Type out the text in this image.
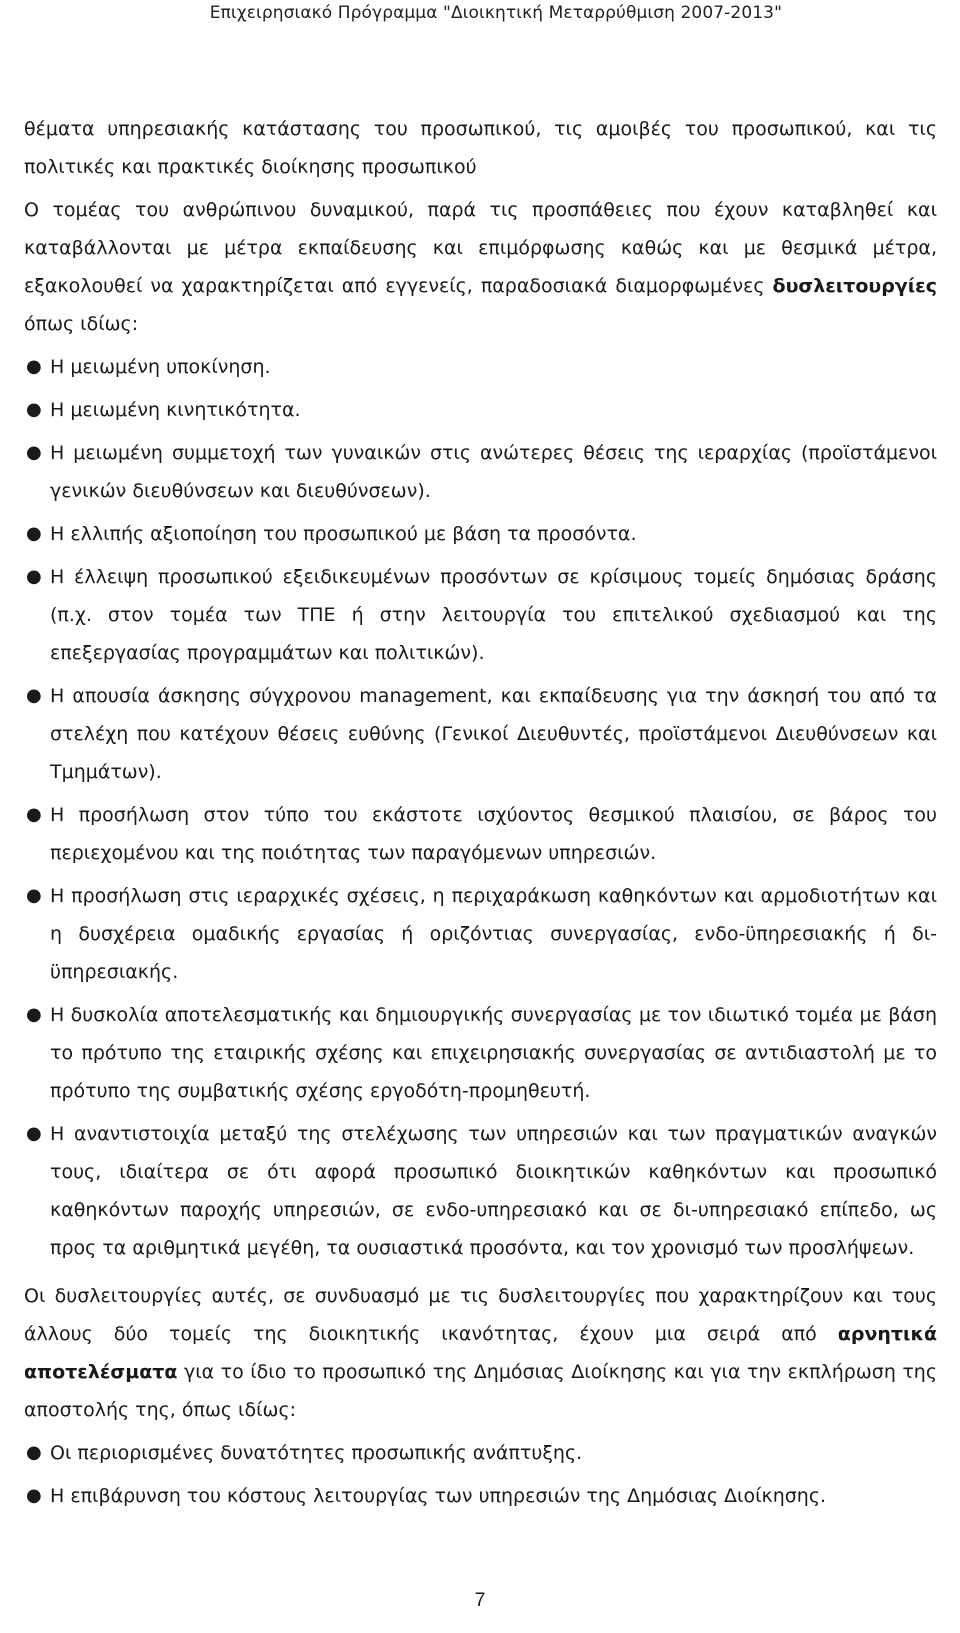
Επιχειρησιακό Πρόγραμμα "Διοικητική Μεταρρύθμιση 2007-2013"

θέματα υπηρεσιακής κατάστασης του προσωπικού, τις αμοιβές του προσωπικού, και τις πολιτικές και πρακτικές διοίκησης προσωπικού

Ο τομέας του ανθρώπινου δυναμικού, παρά τις προσπάθειες που έχουν καταβληθεί και καταβάλλονται με μέτρα εκπαίδευσης και επιμόρφωσης καθώς και με θεσμικά μέτρα, εξακολουθεί να χαρακτηρίζεται από εγγενείς, παραδοσιακά διαμορφωμένες δυσλειτουργίες όπως ιδίως:

● Η μειωμένη υποκίνηση.
● Η μειωμένη κινητικότητα.
● Η μειωμένη συμμετοχή των γυναικών στις ανώτερες θέσεις της ιεραρχίας (προϊστάμενοι γενικών διευθύνσεων και διευθύνσεων).
● Η ελλιπής αξιοποίηση του προσωπικού με βάση τα προσόντα.
● Η έλλειψη προσωπικού εξειδικευμένων προσόντων σε κρίσιμους τομείς δημόσιας δράσης (π.χ. στον τομέα των ΤΠΕ ή στην λειτουργία του επιτελικού σχεδιασμού και της επεξεργασίας προγραμμάτων και πολιτικών).
● Η απουσία άσκησης σύγχρονου management, και εκπαίδευσης για την άσκησή του από τα στελέχη που κατέχουν θέσεις ευθύνης (Γενικοί Διευθυντές, προϊστάμενοι Διευθύνσεων και Τμημάτων).
● Η προσήλωση στον τύπο του εκάστοτε ισχύοντος θεσμικού πλαισίου, σε βάρος του περιεχομένου και της ποιότητας των παραγόμενων υπηρεσιών.
● Η προσήλωση στις ιεραρχικές σχέσεις, η περιχαράκωση καθηκόντων και αρμοδιοτήτων και η δυσχέρεια ομαδικής εργασίας ή οριζόντιας συνεργασίας, ενδο-ϋπηρεσιακής ή δι-ϋπηρεσιακής.
● Η δυσκολία αποτελεσματικής και δημιουργικής συνεργασίας με τον ιδιωτικό τομέα με βάση το πρότυπο της εταιρικής σχέσης και επιχειρησιακής συνεργασίας σε αντιδιαστολή με το πρότυπο της συμβατικής σχέσης εργοδότη-προμηθευτή.
● Η αναντιστοιχία μεταξύ της στελέχωσης των υπηρεσιών και των πραγματικών αναγκών τους, ιδιαίτερα σε ότι αφορά προσωπικό διοικητικών καθηκόντων και προσωπικό καθηκόντων παροχής υπηρεσιών, σε ενδο-υπηρεσιακό και σε δι-υπηρεσιακό επίπεδο, ως προς τα αριθμητικά μεγέθη, τα ουσιαστικά προσόντα, και τον χρονισμό των προσλήψεων.

Οι δυσλειτουργίες αυτές, σε συνδυασμό με τις δυσλειτουργίες που χαρακτηρίζουν και τους άλλους δύο τομείς της διοικητικής ικανότητας, έχουν μια σειρά από αρνητικά αποτελέσματα για το ίδιο το προσωπικό της Δημόσιας Διοίκησης και για την εκπλήρωση της αποστολής της, όπως ιδίως:

● Οι περιορισμένες δυνατότητες προσωπικής ανάπτυξης.
● Η επιβάρυνση του κόστους λειτουργίας των υπηρεσιών της Δημόσιας Διοίκησης.
7
